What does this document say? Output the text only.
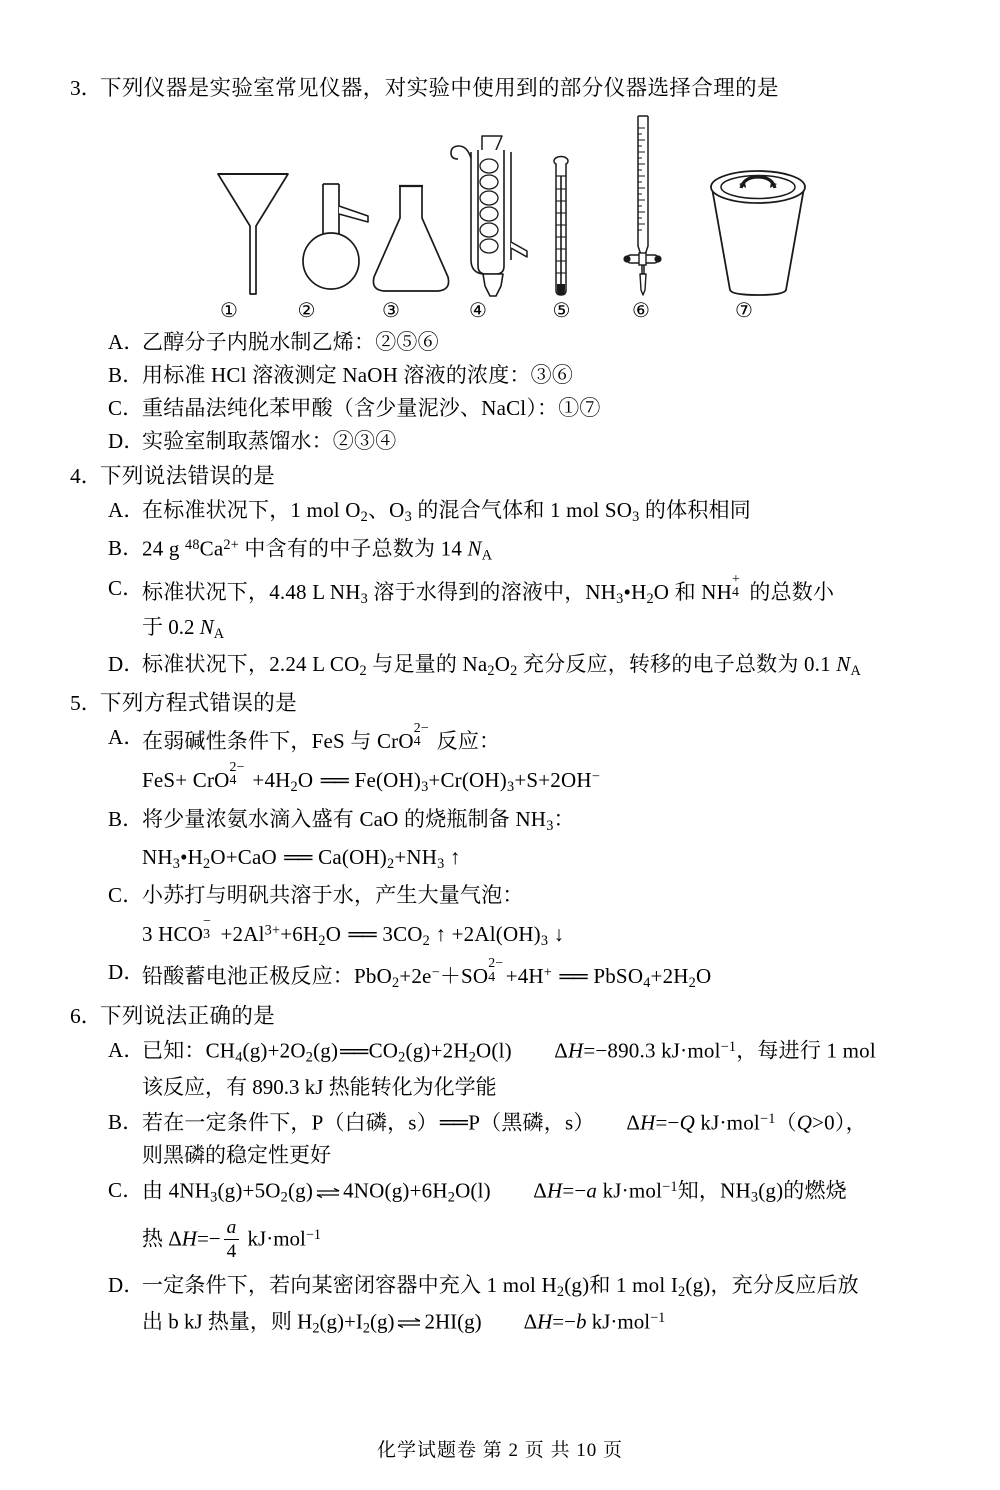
3．
下列仪器是实验室常见仪器，对实验中使用到的部分仪器选择合理的是
①	②	③	④	⑤	⑥	⑦
A．
乙醇分子内脱水制乙烯：②⑤⑥
B．
用标准 HCl 溶液测定 NaOH 溶液的浓度：③⑥
C．
重结晶法纯化苯甲酸（含少量泥沙、NaCl）：①⑦
D．
实验室制取蒸馏水：②③④
4．
下列说法错误的是
A．
在标准状况下，1 mol $O_2$、$O_3$ 的混合气体和 1 mol $SO_3$ 的体积相同
B．
24 g $^{48}Ca^{2+}$ 中含有的中子总数为 14 $N_A$
C．
标准状况下，4.48 L $NH_3$ 溶于水得到的溶液中，$NH_3•H_2O$ 和 NH
+
4
  的总数小
于 0.2 $N_A$
D．
标准状况下，2.24 L $CO_2$ 与足量的 $Na_2O_2$ 充分反应，转移的电子总数为 0.1 $N_A$
5．
下列方程式错误的是
A．
在弱碱性条件下，FeS 与 CrO
2−
4
  反应：
FeS+ CrO
2−
4
  $+4H_2O$ ══ $Fe(OH)_3+Cr(OH)_3+S+2OH^-$
B．
将少量浓氨水滴入盛有 CaO 的烧瓶制备 $NH_3$：
$NH_3•H_2O+CaO$ ══ $Ca(OH)_2+NH_3$ ↑
C．
小苏打与明矾共溶于水，产生大量气泡：
3 HCO
−
3
  $+2Al^{3+}+6H_2O$ ══ $3CO_2$ ↑ $+2Al(OH)_3$ ↓
D．
铅酸蓄电池正极反应：PbO$_2$+2e−＋SO
2−
4
  +4H+ ══ $PbSO_4+2H_2O$
6．
下列说法正确的是
A．
已知：$CH_4(g)+2O_2(g)══CO_2(g)+2H_2O(l)$　　ΔH=−890.3 kJ·mol$^{-1}$，每进行 1 mol
该反应，有 890.3 kJ 热能转化为化学能
B．
若在一定条件下，P（白磷，s）══P（黑磷，s）　　ΔH=−Q kJ·mol$^{-1}$（Q>0），
则黑磷的稳定性更好
C．
由 $4NH_3(g)+5O_2(g)$ $4NO(g)+6H_2O(l)$　　ΔH=−a kJ·mol$^{-1}$知，$NH_3(g)$的燃烧
热 $\Delta H=- \frac{a}{4} kJ\cdot mol^{-1}$
D．
一定条件下，若向某密闭容器中充入 1 mol $H_2(g)$和 1 mol $I_2(g)$，充分反应后放
出 b kJ 热量，则 $H_2(g)+I_2(g)$ 2HI(g)　　ΔH=−b kJ·mol$^{-1}$
化学试题卷 第 2 页 共 10 页
